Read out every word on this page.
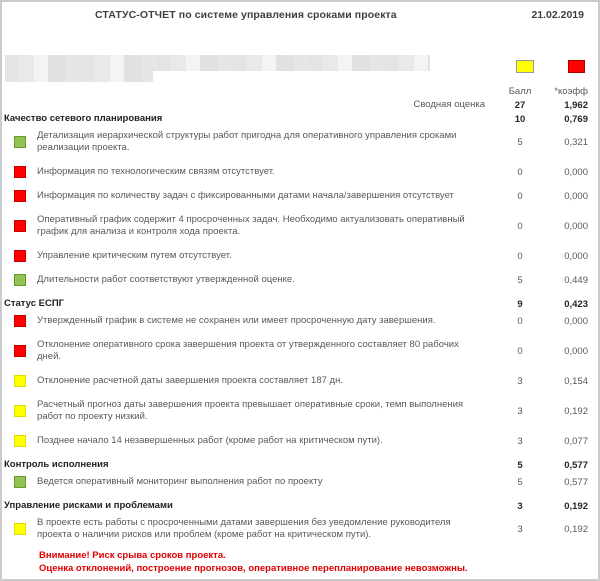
СТАТУС-ОТЧЕТ по системе управления сроками проекта	21.02.2019
Балл	*коэфф
Сводная оценка	27	1,962
Качество сетевого планирования	10	0,769
Детализация иерархической структуры работ пригодна для оперативного управления сроками реализации проекта.	5	0,321
Информация по технологическим связям отсутствует.	0	0,000
Информация по количеству задач с фиксированными датами начала/завершения отсутствует	0	0,000
Оперативный график содержит 4 просроченных задач. Необходимо актуализовать оперативный график для анализа и контроля хода проекта.	0	0,000
Управление критическим путем отсутствует.	0	0,000
Длительности работ соответствуют утвержденной оценке.	5	0,449
Статус ЕСПГ	9	0,423
Утвержденный график в системе не сохранен или имеет просроченную дату завершения.	0	0,000
Отклонение оперативного срока завершения проекта от утвержденного составляет 80 рабочих дней.	0	0,000
Отклонение расчетной даты завершения проекта составляет 187 дн.	3	0,154
Расчетный прогноз даты завершения проекта превышает оперативные сроки, темп выполнения работ по проекту низкий.	3	0,192
Позднее начало 14 незавершенных работ (кроме работ на критическом пути).	3	0,077
Контроль исполнения	5	0,577
Ведется оперативный мониторинг выполнения работ по проекту	5	0,577
Управление рисками и проблемами	3	0,192
В проекте есть работы с просроченными датами завершения без уведомление руководителя проекта о наличии рисков или проблем (кроме работ на критическом пути).	3	0,192
Внимание! Риск срыва сроков проекта.
Оценка отклонений, построение прогнозов, оперативное перепланирование невозможны.
